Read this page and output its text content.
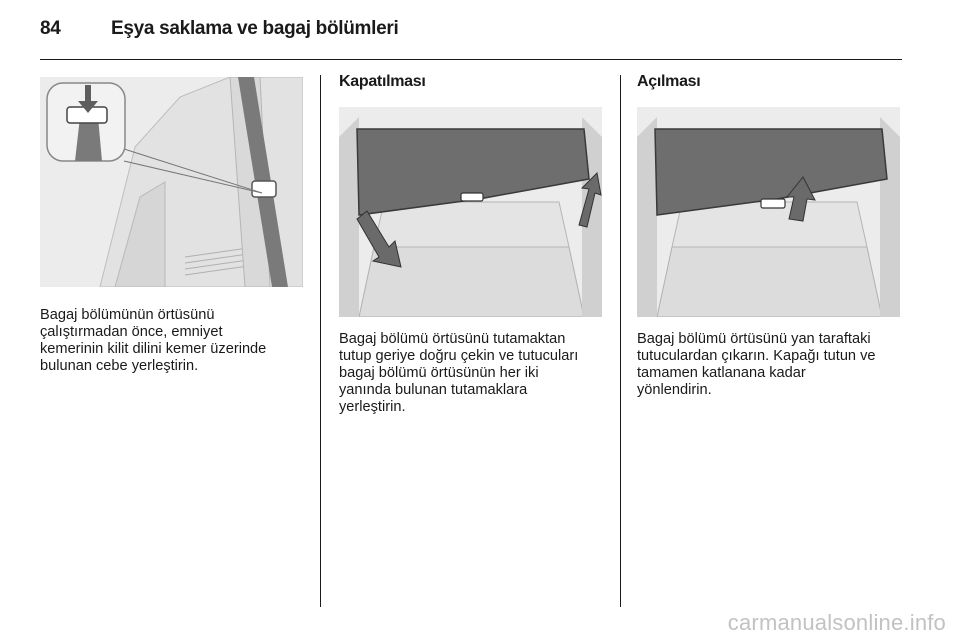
84	Eşya saklama ve bagaj bölümleri
Kapatılması	Açılması

Bagaj bölümünün örtüsünü
çalıştırmadan önce, emniyet
kemerinin kilit dilini kemer üzerinde
bulunan cebe yerleştirin.

Bagaj bölümü örtüsünü tutamaktan
tutup geriye doğru çekin ve tutucuları
bagaj bölümü örtüsünün her iki
yanında bulunan tutamaklara
yerleştirin.

Bagaj bölümü örtüsünü yan taraftaki
tutuculardan çıkarın. Kapağı tutun ve
tamamen katlanana kadar
yönlendirin.

carmanualsonline.info
